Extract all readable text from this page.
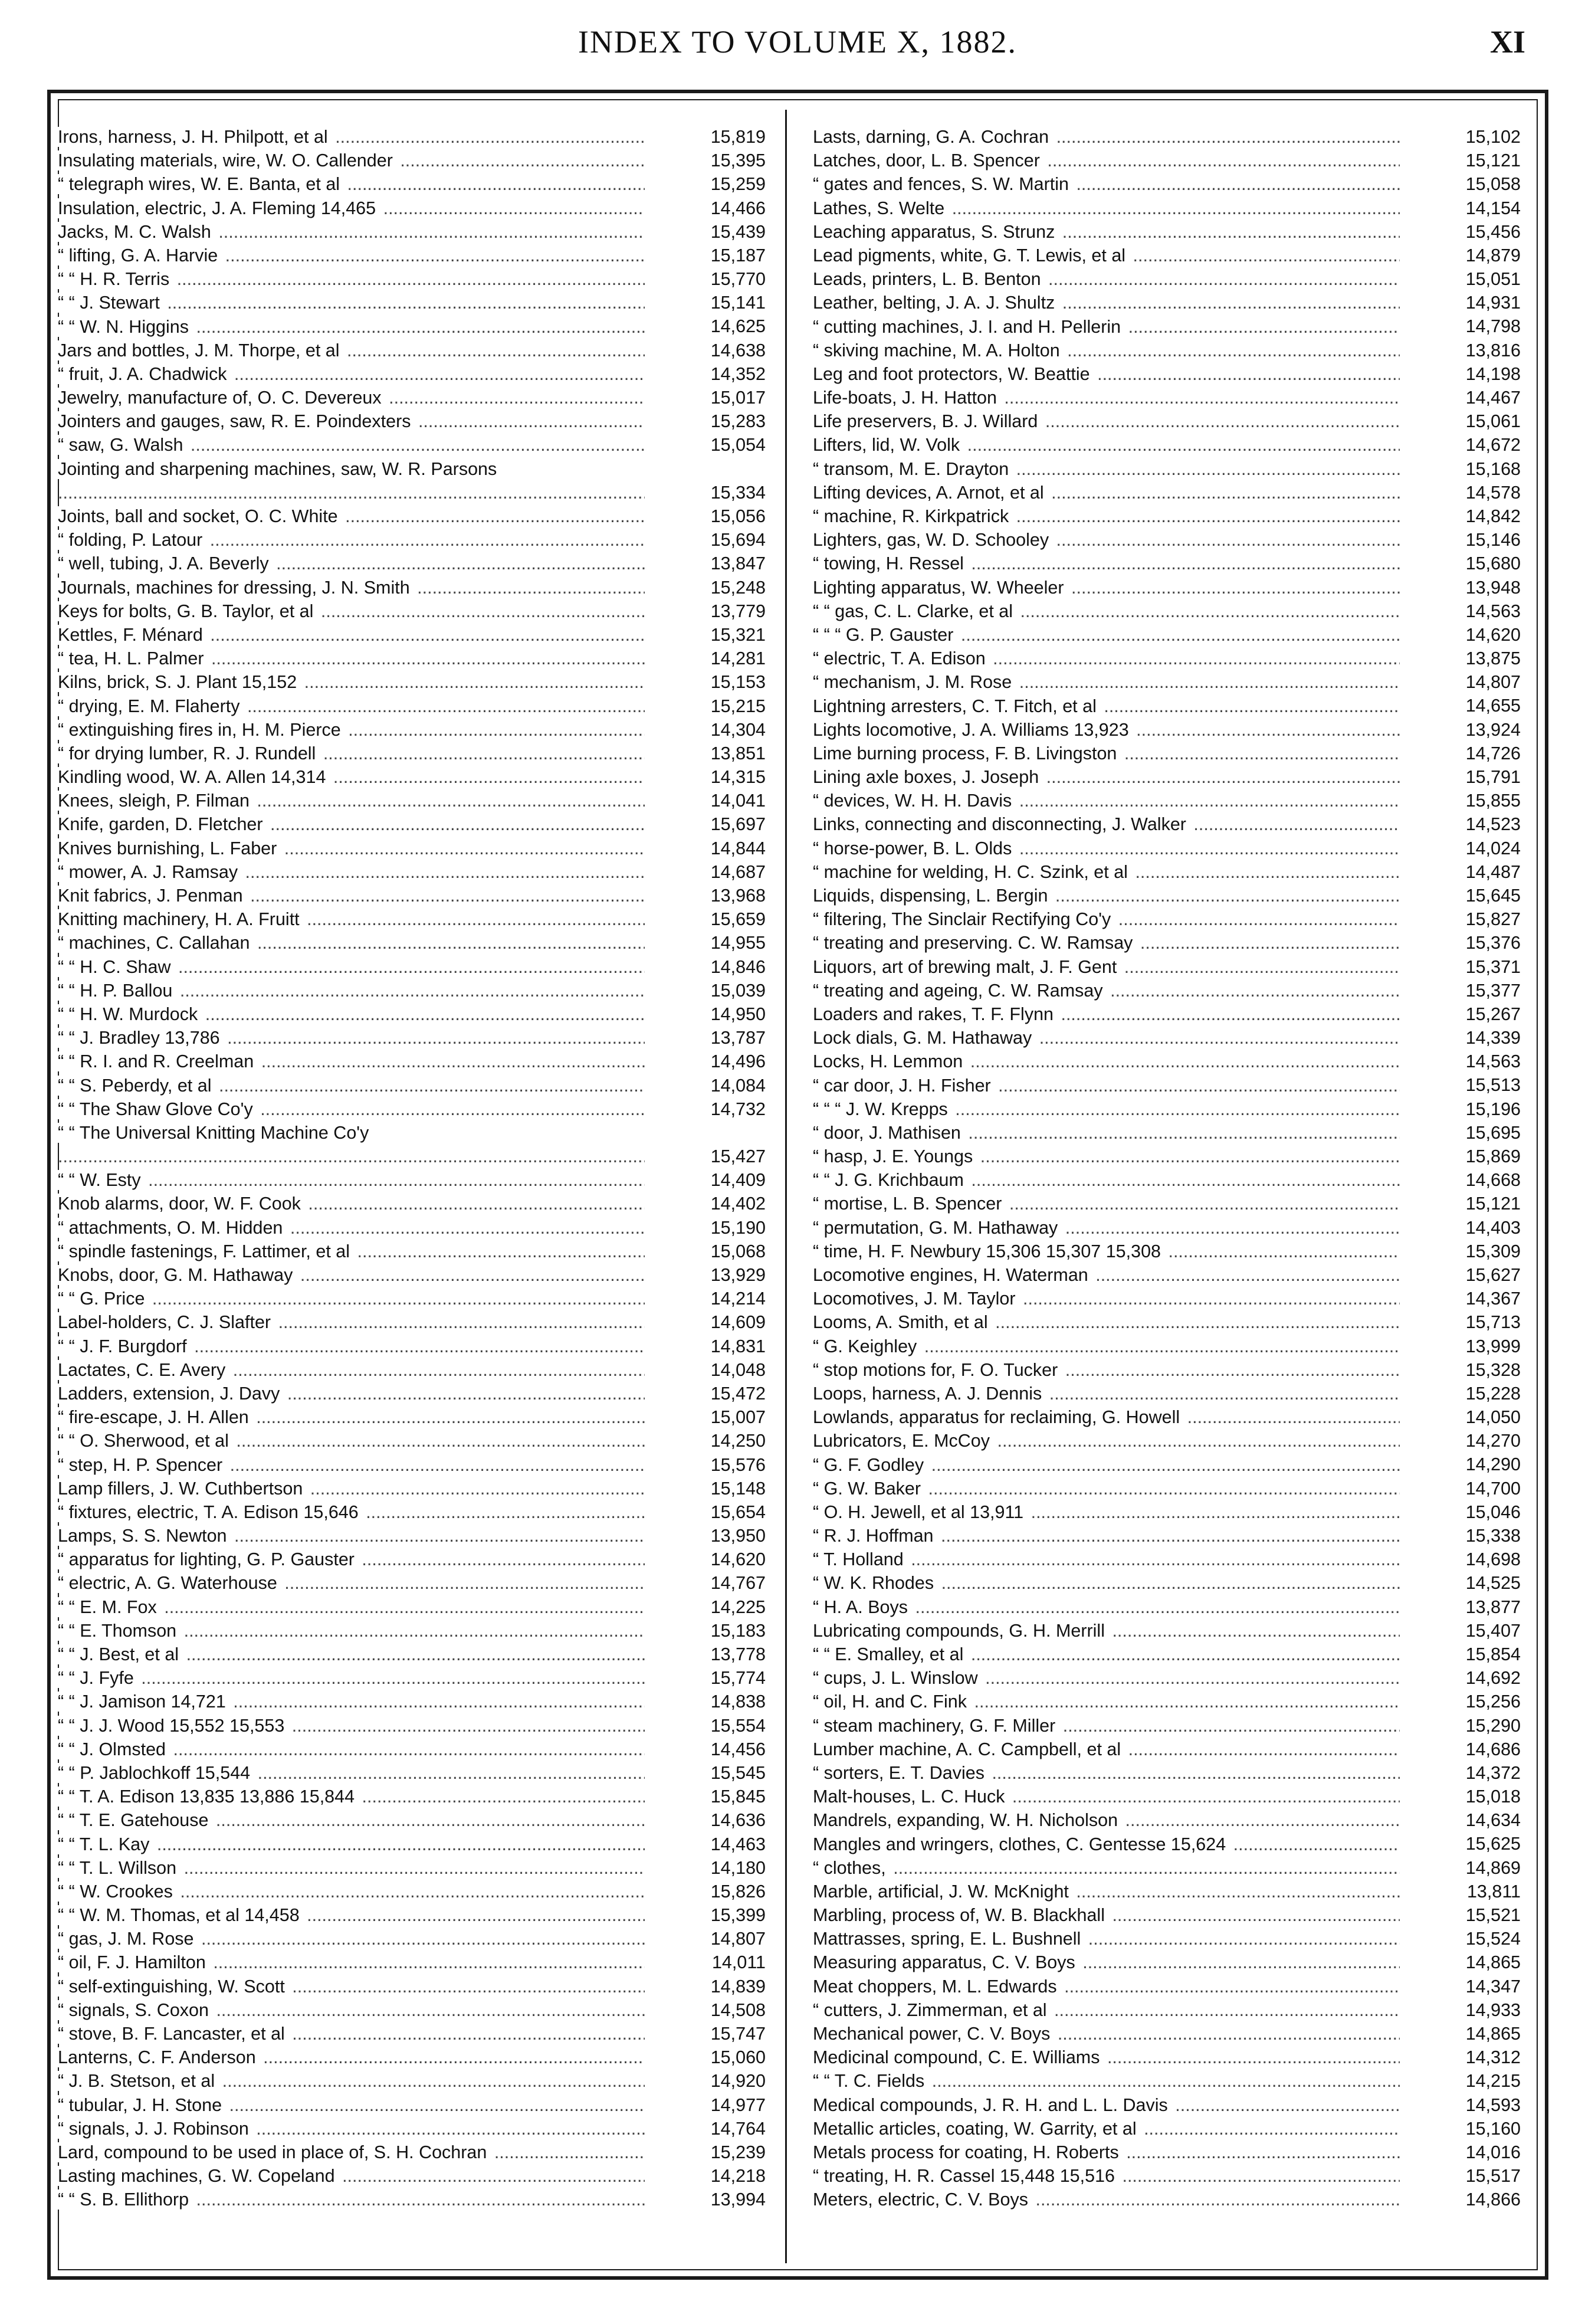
INDEX TO VOLUME X, 1882.	XI
Irons, harness, J. H. Philpott, et al .....	15,819
Insulating materials, wire, W. O. Callender .....	15,395
“ telegraph wires, W. E. Banta, et al .....	15,259
Insulation, electric, J. A. Fleming 14,465 .....	14,466
Jacks, M. C. Walsh .....	15,439
“ lifting, G. A. Harvie .....	15,187
“ “ H. R. Terris .....	15,770
“ “ J. Stewart .....	15,141
“ “ W. N. Higgins .....	14,625
Jars and bottles, J. M. Thorpe, et al .....	14,638
“ fruit, J. A. Chadwick .....	14,352
Jewelry, manufacture of, O. C. Devereux .....	15,017
Jointers and gauges, saw, R. E. Poindexters .....	15,283
“ saw, G. Walsh .....	15,054
Jointing and sharpening machines, saw, W. R. Parsons .....
15,334
Joints, ball and socket, O. C. White .....	15,056
“ folding, P. Latour .....	15,694
“ well, tubing, J. A. Beverly .....	13,847
Journals, machines for dressing, J. N. Smith .....	15,248
Keys for bolts, G. B. Taylor, et al .....	13,779
Kettles, F. Ménard .....	15,321
“ tea, H. L. Palmer .....	14,281
Kilns, brick, S. J. Plant 15,152 .....	15,153
“ drying, E. M. Flaherty .....	15,215
“ extinguishing fires in, H. M. Pierce .....	14,304
“ for drying lumber, R. J. Rundell .....	13,851
Kindling wood, W. A. Allen 14,314 .....	14,315
Knees, sleigh, P. Filman .....	14,041
Knife, garden, D. Fletcher .....	15,697
Knives burnishing, L. Faber .....	14,844
“ mower, A. J. Ramsay .....	14,687
Knit fabrics, J. Penman .....	13,968
Knitting machinery, H. A. Fruitt .....	15,659
“ machines, C. Callahan .....	14,955
“ “ H. C. Shaw .....	14,846
“ “ H. P. Ballou .....	15,039
“ “ H. W. Murdock .....	14,950
“ “ J. Bradley 13,786 .....	13,787
“ “ R. I. and R. Creelman .....	14,496
“ “ S. Peberdy, et al .....	14,084
“ “ The Shaw Glove Co'y .....	14,732
“ “ The Universal Knitting Machine Co'y .....
15,427
“ “ W. Esty .....	14,409
Knob alarms, door, W. F. Cook .....	14,402
“ attachments, O. M. Hidden .....	15,190
“ spindle fastenings, F. Lattimer, et al .....	15,068
Knobs, door, G. M. Hathaway .....	13,929
“ “ G. Price .....	14,214
Label-holders, C. J. Slafter .....	14,609
“ “ J. F. Burgdorf .....	14,831
Lactates, C. E. Avery .....	14,048
Ladders, extension, J. Davy .....	15,472
“ fire-escape, J. H. Allen .....	15,007
“ “ O. Sherwood, et al .....	14,250
“ step, H. P. Spencer .....	15,576
Lamp fillers, J. W. Cuthbertson .....	15,148
“ fixtures, electric, T. A. Edison 15,646 .....	15,654
Lamps, S. S. Newton .....	13,950
“ apparatus for lighting, G. P. Gauster .....	14,620
“ electric, A. G. Waterhouse .....	14,767
“ “ E. M. Fox .....	14,225
“ “ E. Thomson .....	15,183
“ “ J. Best, et al .....	13,778
“ “ J. Fyfe .....	15,774
“ “ J. Jamison 14,721 .....	14,838
“ “ J. J. Wood 15,552 15,553 .....	15,554
“ “ J. Olmsted .....	14,456
“ “ P. Jablochkoff 15,544 .....	15,545
“ “ T. A. Edison 13,835 13,886 15,844 .....	15,845
“ “ T. E. Gatehouse .....	14,636
“ “ T. L. Kay .....	14,463
“ “ T. L. Willson .....	14,180
“ “ W. Crookes .....	15,826
“ “ W. M. Thomas, et al 14,458 .....	15,399
“ gas, J. M. Rose .....	14,807
“ oil, F. J. Hamilton .....	14,011
“ self-extinguishing, W. Scott .....	14,839
“ signals, S. Coxon .....	14,508
“ stove, B. F. Lancaster, et al .....	15,747
Lanterns, C. F. Anderson .....	15,060
“ J. B. Stetson, et al .....	14,920
“ tubular, J. H. Stone .....	14,977
“ signals, J. J. Robinson .....	14,764
Lard, compound to be used in place of, S. H. Cochran .....	15,239
Lasting machines, G. W. Copeland .....	14,218
“ “ S. B. Ellithorp .....	13,994
Lasts, darning, G. A. Cochran .....	15,102
Latches, door, L. B. Spencer .....	15,121
“ gates and fences, S. W. Martin .....	15,058
Lathes, S. Welte .....	14,154
Leaching apparatus, S. Strunz .....	15,456
Lead pigments, white, G. T. Lewis, et al .....	14,879
Leads, printers, L. B. Benton .....	15,051
Leather, belting, J. A. J. Shultz .....	14,931
“ cutting machines, J. I. and H. Pellerin .....	14,798
“ skiving machine, M. A. Holton .....	13,816
Leg and foot protectors, W. Beattie .....	14,198
Life-boats, J. H. Hatton .....	14,467
Life preservers, B. J. Willard .....	15,061
Lifters, lid, W. Volk .....	14,672
“ transom, M. E. Drayton .....	15,168
Lifting devices, A. Arnot, et al .....	14,578
“ machine, R. Kirkpatrick .....	14,842
Lighters, gas, W. D. Schooley .....	15,146
“ towing, H. Ressel .....	15,680
Lighting apparatus, W. Wheeler .....	13,948
“ “ gas, C. L. Clarke, et al .....	14,563
“ “ “ G. P. Gauster .....	14,620
“ electric, T. A. Edison .....	13,875
“ mechanism, J. M. Rose .....	14,807
Lightning arresters, C. T. Fitch, et al .....	14,655
Lights locomotive, J. A. Williams 13,923 .....	13,924
Lime burning process, F. B. Livingston .....	14,726
Lining axle boxes, J. Joseph .....	15,791
“ devices, W. H. H. Davis .....	15,855
Links, connecting and disconnecting, J. Walker .....	14,523
“ horse-power, B. L. Olds .....	14,024
“ machine for welding, H. C. Szink, et al .....	14,487
Liquids, dispensing, L. Bergin .....	15,645
“ filtering, The Sinclair Rectifying Co'y .....	15,827
“ treating and preserving. C. W. Ramsay .....	15,376
Liquors, art of brewing malt, J. F. Gent .....	15,371
“ treating and ageing, C. W. Ramsay .....	15,377
Loaders and rakes, T. F. Flynn .....	15,267
Lock dials, G. M. Hathaway .....	14,339
Locks, H. Lemmon .....	14,563
“ car door, J. H. Fisher .....	15,513
“ “ “ J. W. Krepps .....	15,196
“ door, J. Mathisen .....	15,695
“ hasp, J. E. Youngs .....	15,869
“ “ J. G. Krichbaum .....	14,668
“ mortise, L. B. Spencer .....	15,121
“ permutation, G. M. Hathaway .....	14,403
“ time, H. F. Newbury 15,306 15,307 15,308 .....	15,309
Locomotive engines, H. Waterman .....	15,627
Locomotives, J. M. Taylor .....	14,367
Looms, A. Smith, et al .....	15,713
“ G. Keighley .....	13,999
“ stop motions for, F. O. Tucker .....	15,328
Loops, harness, A. J. Dennis .....	15,228
Lowlands, apparatus for reclaiming, G. Howell .....	14,050
Lubricators, E. McCoy .....	14,270
“ G. F. Godley .....	14,290
“ G. W. Baker .....	14,700
“ O. H. Jewell, et al 13,911 .....	15,046
“ R. J. Hoffman .....	15,338
“ T. Holland .....	14,698
“ W. K. Rhodes .....	14,525
“ H. A. Boys .....	13,877
Lubricating compounds, G. H. Merrill .....	15,407
“ “ E. Smalley, et al .....	15,854
“ cups, J. L. Winslow .....	14,692
“ oil, H. and C. Fink .....	15,256
“ steam machinery, G. F. Miller .....	15,290
Lumber machine, A. C. Campbell, et al .....	14,686
“ sorters, E. T. Davies .....	14,372
Malt-houses, L. C. Huck .....	15,018
Mandrels, expanding, W. H. Nicholson .....	14,634
Mangles and wringers, clothes, C. Gentesse 15,624 .....	15,625
“ clothes, .....	14,869
Marble, artificial, J. W. McKnight .....	13,811
Marbling, process of, W. B. Blackhall .....	15,521
Mattrasses, spring, E. L. Bushnell .....	15,524
Measuring apparatus, C. V. Boys .....	14,865
Meat choppers, M. L. Edwards .....	14,347
“ cutters, J. Zimmerman, et al .....	14,933
Mechanical power, C. V. Boys .....	14,865
Medicinal compound, C. E. Williams .....	14,312
“ “ T. C. Fields .....	14,215
Medical compounds, J. R. H. and L. L. Davis .....	14,593
Metallic articles, coating, W. Garrity, et al .....	15,160
Metals process for coating, H. Roberts .....	14,016
“ treating, H. R. Cassel 15,448 15,516 .....	15,517
Meters, electric, C. V. Boys .....	14,866
